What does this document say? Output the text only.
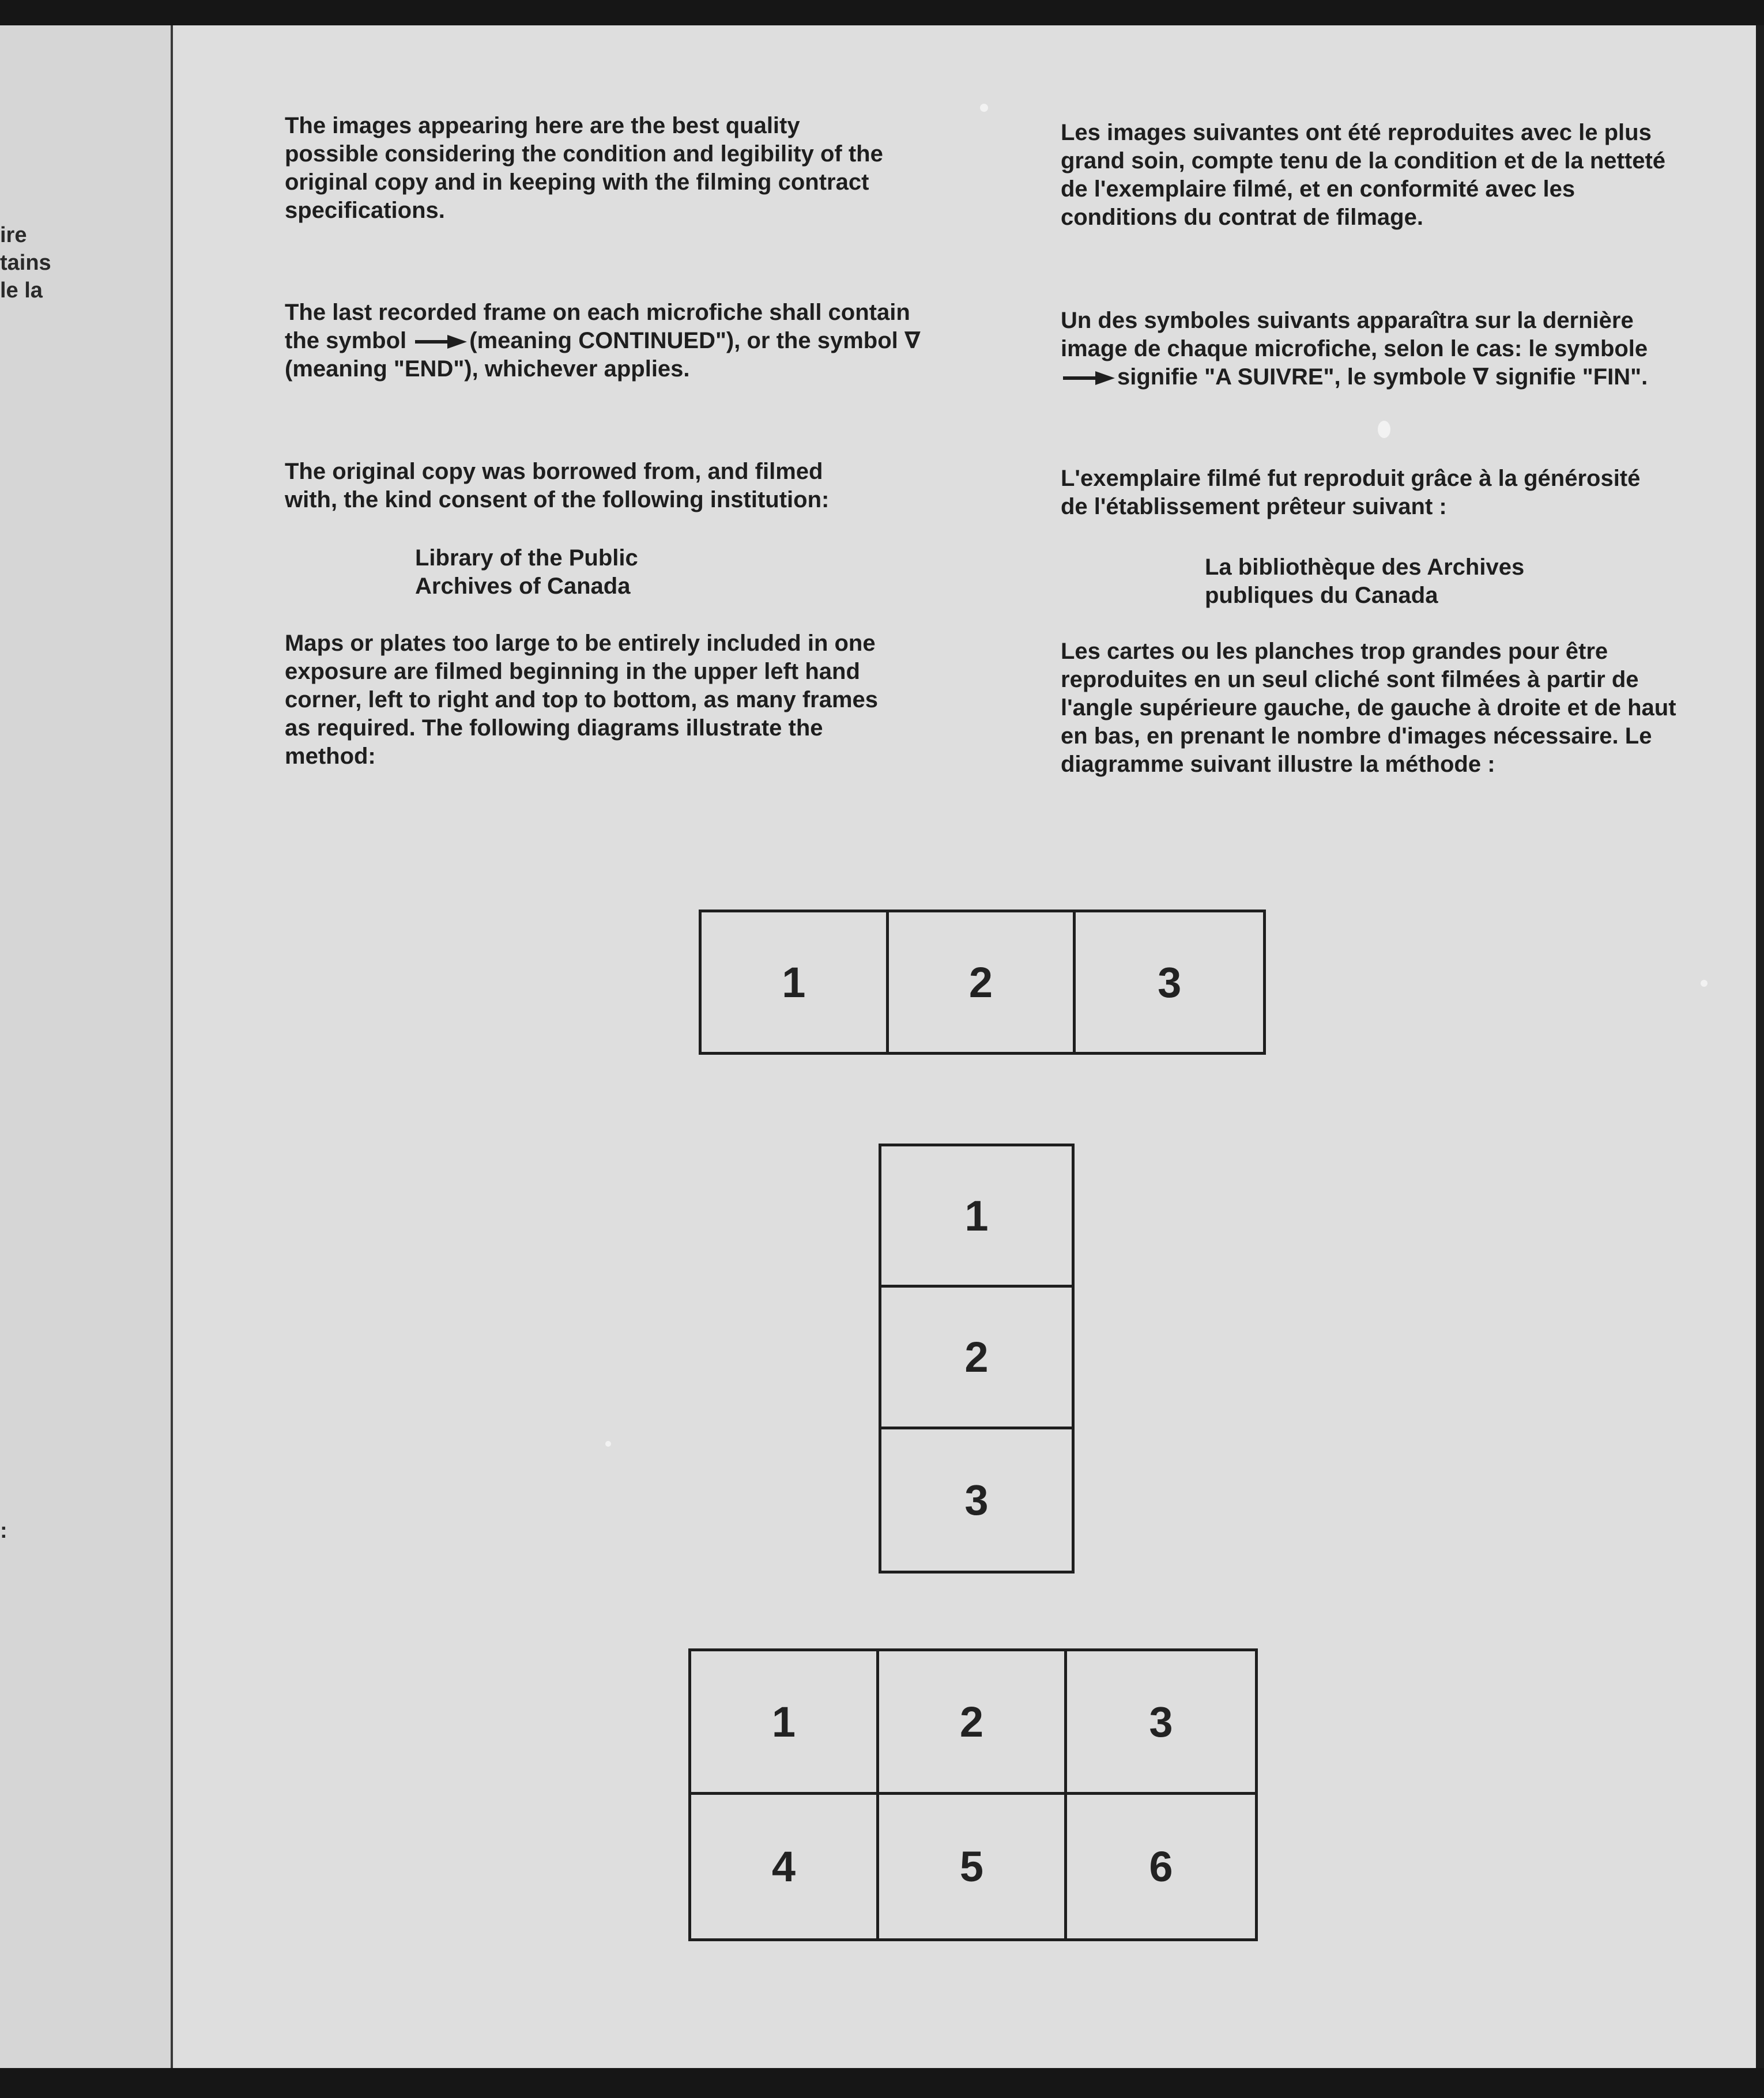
ire
tains
le la
:

The images appearing here are the best quality possible considering the condition and legibility of the original copy and in keeping with the filming contract specifications.

The last recorded frame on each microfiche shall contain the symbol	(meaning CONTINUED"), or the symbol ∇ (meaning "END"), whichever applies.

The original copy was borrowed from, and filmed with, the kind consent of the following institution:

Library of the Public
Archives of Canada

Maps or plates too large to be entirely included in one exposure are filmed beginning in the upper left hand corner, left to right and top to bottom, as many frames as required. The following diagrams illustrate the method:

Les images suivantes ont été reproduites avec le plus grand soin, compte tenu de la condition et de la netteté de l'exemplaire filmé, et en conformité avec les conditions du contrat de filmage.

Un des symboles suivants apparaîtra sur la dernière image de chaque microfiche, selon le cas: le symbole signifie "A SUIVRE", le symbole ∇ signifie "FIN".

L'exemplaire filmé fut reproduit grâce à la générosité de l'établissement prêteur suivant :

La bibliothèque des Archives
publiques du Canada

Les cartes ou les planches trop grandes pour être reproduites en un seul cliché sont filmées à partir de l'angle supérieure gauche, de gauche à droite et de haut en bas, en prenant le nombre d'images nécessaire. Le diagramme suivant illustre la méthode :

1	2	3
1
2
3
1	2	3
4	5	6
